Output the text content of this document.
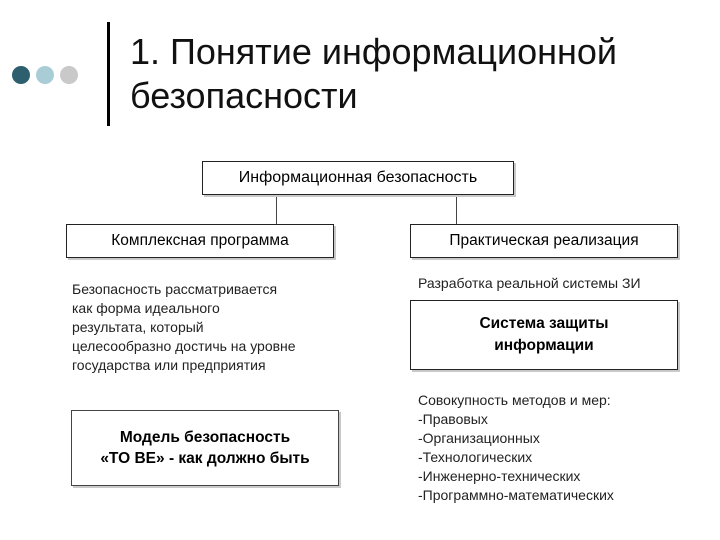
1. Понятие информационной
безопасности
Информационная безопасность
Комплексная программа	Практическая реализация
Безопасность рассматривается
как форма идеального
результата, который
целесообразно достичь на уровне
государства или предприятия
Разработка реальной системы ЗИ
Система защиты
информации
Модель безопасность
«TO BE» - как должно быть
Совокупность методов и мер:
-Правовых
-Организационных
-Технологических
-Инженерно-технических
-Программно-математических
